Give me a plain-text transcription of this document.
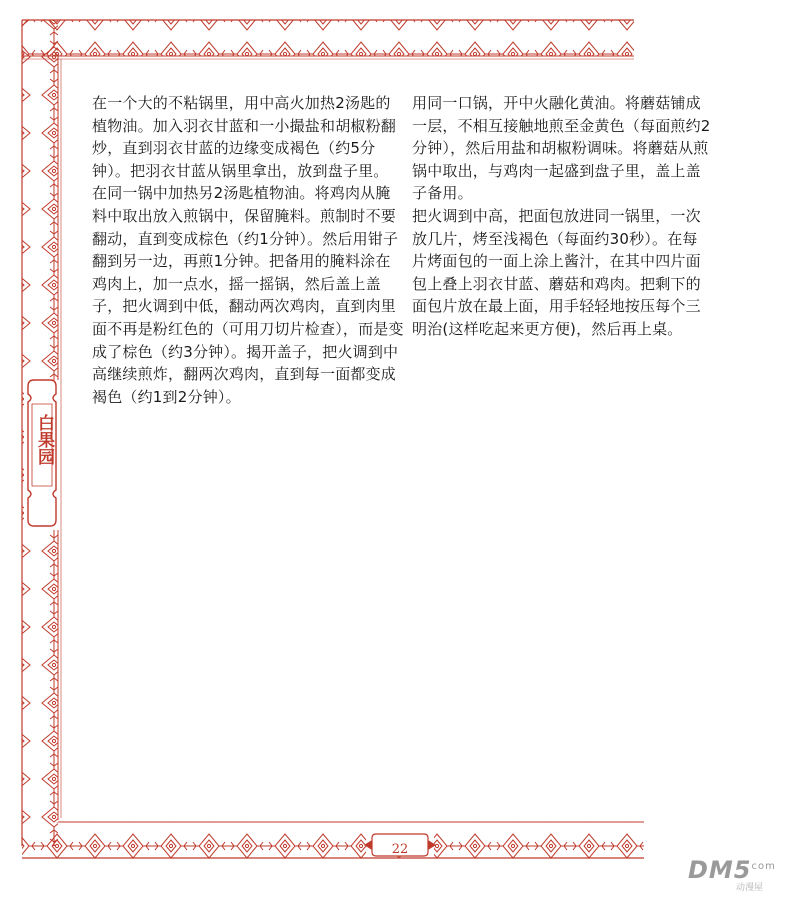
在一个大的不粘锅里，用中高火加热2汤匙的植物油。加入羽衣甘蓝和一小撮盐和胡椒粉翻炒，直到羽衣甘蓝的边缘变成褐色（约5分钟）。把羽衣甘蓝从锅里拿出，放到盘子里。

在同一锅中加热另2汤匙植物油。将鸡肉从腌料中取出放入煎锅中，保留腌料。煎制时不要翻动，直到变成棕色（约1分钟）。然后用钳子翻到另一边，再煎1分钟。把备用的腌料涂在鸡肉上，加一点水，摇一摇锅，然后盖上盖子，把火调到中低，翻动两次鸡肉，直到肉里面不再是粉红色的（可用刀切片检查），而是变成了棕色（约3分钟）。揭开盖子，把火调到中高继续煎炸，翻两次鸡肉，直到每一面都变成褐色（约1到2分钟）。

用同一口锅，开中火融化黄油。将蘑菇铺成一层，不相互接触地煎至金黄色（每面煎约2分钟），然后用盐和胡椒粉调味。将蘑菇从煎锅中取出，与鸡肉一起盛到盘子里，盖上盖子备用。

把火调到中高，把面包放进同一锅里，一次放几片，烤至浅褐色（每面约30秒）。在每片烤面包的一面上涂上酱汁，在其中四片面包上叠上羽衣甘蓝、蘑菇和鸡肉。把剩下的面包片放在最上面，用手轻轻地按压每个三明治(这样吃起来更方便)，然后再上桌。

白果园
22
$DM5^{com}$
动漫屋
